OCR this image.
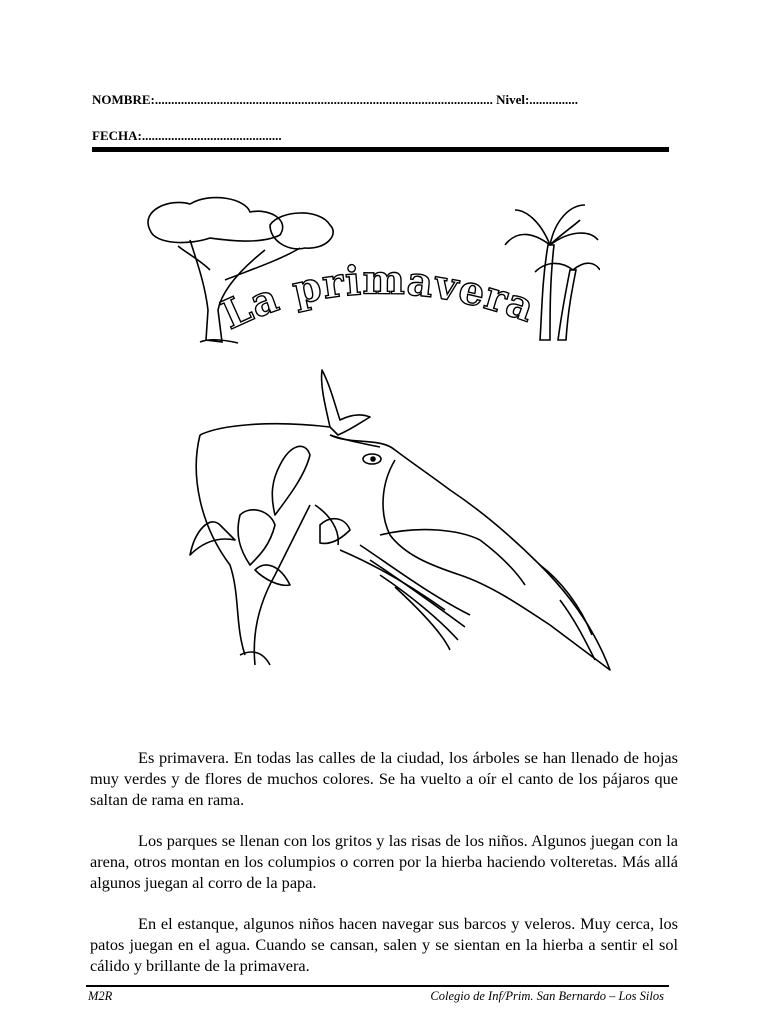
NOMBRE:........................................................................................................ Nivel:...............
FECHA:...........................................
La primavera

Es primavera. En todas las calles de la ciudad, los árboles se han llenado de hojas muy verdes y de flores de muchos colores. Se ha vuelto a oír el canto de los pájaros que saltan de rama en rama.

Los parques se llenan con los gritos y las risas de los niños. Algunos juegan con la arena, otros montan en los columpios o corren por la hierba haciendo volteretas. Más allá algunos juegan al corro de la papa.

En el estanque, algunos niños hacen navegar sus barcos y veleros. Muy cerca, los patos juegan en el agua. Cuando se cansan, salen y se sientan en la hierba a sentir el sol cálido y brillante de la primavera.

M2R	Colegio de Inf/Prim. San Bernardo – Los Silos
